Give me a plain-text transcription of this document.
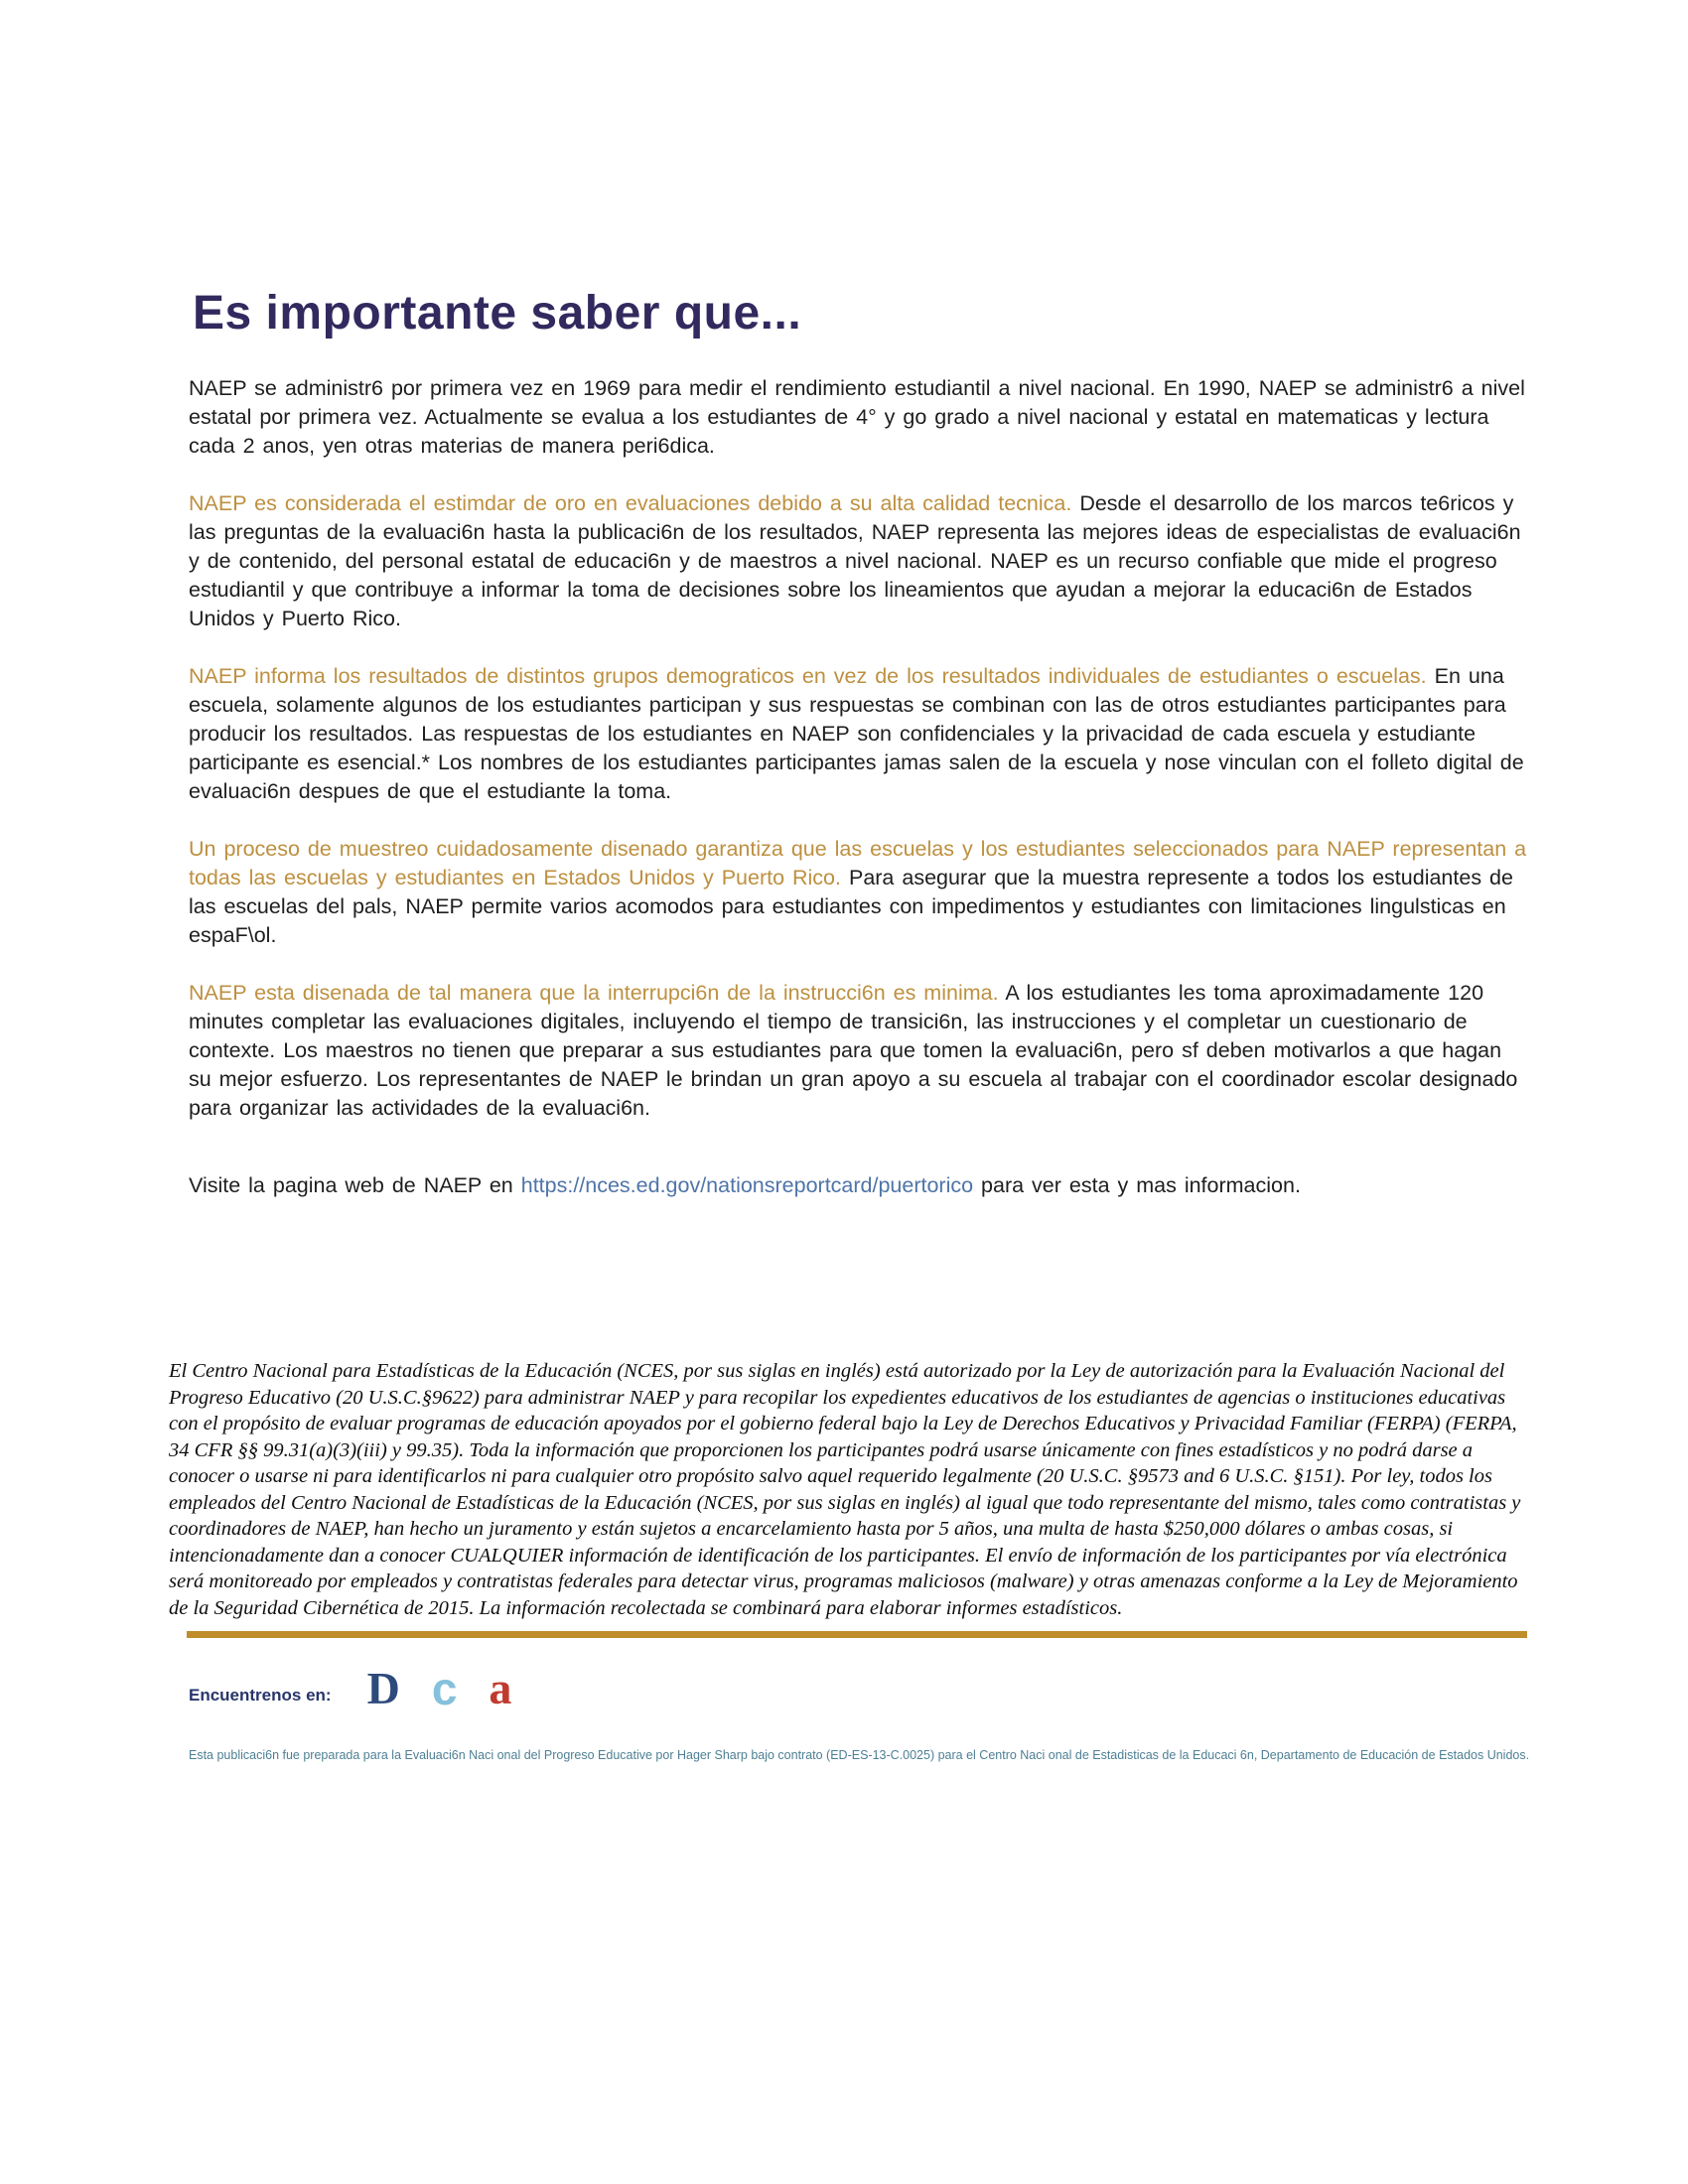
Es importante saber que...

NAEP se administr6 por primera vez en 1969 para medir el rendimiento estudiantil a nivel nacional. En 1990, NAEP se administr6 a nivel estatal por primera vez. Actualmente se evalua a los estudiantes de 4° y go grado a nivel nacional y estatal en matematicas y lectura cada 2 anos, yen otras materias de manera peri6dica.

NAEP es considerada el estimdar de oro en evaluaciones debido a su alta calidad tecnica. Desde el desarrollo de los marcos te6ricos y las preguntas de la evaluaci6n hasta la publicaci6n de los resultados, NAEP representa las mejores ideas de especialistas de evaluaci6n y de contenido, del personal estatal de educaci6n y de maestros a nivel nacional. NAEP es un recurso confiable que mide el progreso estudiantil y que contribuye a informar la toma de decisiones sobre los lineamientos que ayudan a mejorar la educaci6n de Estados Unidos y Puerto Rico.

NAEP informa los resultados de distintos grupos demograticos en vez de los resultados individuales de estudiantes o escuelas. En una escuela, solamente algunos de los estudiantes participan y sus respuestas se combinan con las de otros estudiantes participantes para producir los resultados. Las respuestas de los estudiantes en NAEP son confidenciales y la privacidad de cada escuela y estudiante participante es esencial.* Los nombres de los estudiantes participantes jamas salen de la escuela y nose vinculan con el folleto digital de evaluaci6n despues de que el estudiante la toma.

Un proceso de muestreo cuidadosamente disenado garantiza que las escuelas y los estudiantes seleccionados para NAEP representan a todas las escuelas y estudiantes en Estados Unidos y Puerto Rico. Para asegurar que la muestra represente a todos los estudiantes de las escuelas del pals, NAEP permite varios acomodos para estudiantes con impedimentos y estudiantes con limitaciones lingulsticas en espaF\ol.

NAEP esta disenada de tal manera que la interrupci6n de la instrucci6n es minima. A los estudiantes les toma aproximadamente 120 minutes completar las evaluaciones digitales, incluyendo el tiempo de transici6n, las instrucciones y el completar un cuestionario de contexte. Los maestros no tienen que preparar a sus estudiantes para que tomen la evaluaci6n, pero sf deben motivarlos a que hagan su mejor esfuerzo. Los representantes de NAEP le brindan un gran apoyo a su escuela al trabajar con el coordinador escolar designado para organizar las actividades de la evaluaci6n.

Visite la pagina web de NAEP en https://nces.ed.gov/nationsreportcard/puertorico para ver esta y mas informacion.

El Centro Nacional para Estadísticas de la Educación (NCES, por sus siglas en inglés) está autorizado por la Ley de autorización para la Evaluación Nacional del Progreso Educativo (20 U.S.C.§9622) para administrar NAEP y para recopilar los expedientes educativos de los estudiantes de agencias o instituciones educativas con el propósito de evaluar programas de educación apoyados por el gobierno federal bajo la Ley de Derechos Educativos y Privacidad Familiar (FERPA) (FERPA, 34 CFR §§ 99.31(a)(3)(iii) y 99.35). Toda la información que proporcionen los participantes podrá usarse únicamente con fines estadísticos y no podrá darse a conocer o usarse ni para identificarlos ni para cualquier otro propósito salvo aquel requerido legalmente (20 U.S.C. §9573 and 6 U.S.C. §151). Por ley, todos los empleados del Centro Nacional de Estadísticas de la Educación (NCES, por sus siglas en inglés) al igual que todo representante del mismo, tales como contratistas y coordinadores de NAEP, han hecho un juramento y están sujetos a encarcelamiento hasta por 5 años, una multa de hasta $250,000 dólares o ambas cosas, si intencionadamente dan a conocer CUALQUIER información de identificación de los participantes. El envío de información de los participantes por vía electrónica será monitoreado por empleados y contratistas federales para detectar virus, programas maliciosos (malware) y otras amenazas conforme a la Ley de Mejoramiento de la Seguridad Cibernética de 2015. La información recolectada se combinará para elaborar informes estadísticos.
Encuentrenos en: D c a
Esta publicaci6n fue preparada para la Evaluaci6n Naci onal del Progreso Educative por Hager Sharp bajo contrato (ED-ES-13-C.0025) para el Centro Naci onal de Estadisticas de la Educaci 6n, Departamento de Educación de Estados Unidos.
